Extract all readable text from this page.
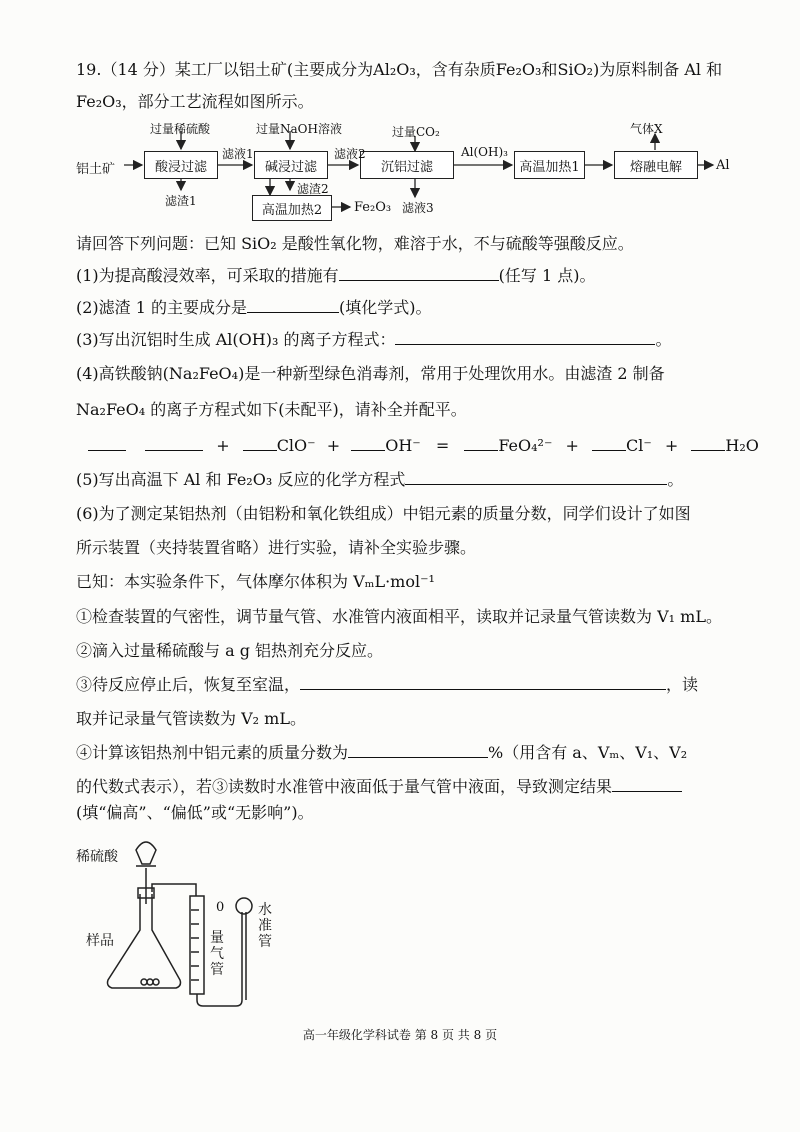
19.（14 分）某工厂以铝土矿(主要成分为Al₂O₃，含有杂质Fe₂O₃和SiO₂)为原料制备 Al 和
Fe₂O₃，部分工艺流程如图所示。
铝土矿	酸浸过滤	碱浸过滤	沉铝过滤	高温加热1	熔融电解
高温加热2
过量稀硫酸	过量NaOH溶液	过量CO₂	气体X
滤液1	滤液2	Al(OH)₃
Al
滤渣1
滤渣2
滤液3
Fe₂O₃
请回答下列问题：已知 SiO₂ 是酸性氧化物，难溶于水，不与硫酸等强酸反应。
(1)为提高酸浸效率，可采取的措施有	(任写 1 点)。
(2)滤渣 1 的主要成分是	(填化学式)。
(3)写出沉铝时生成 Al(OH)₃ 的离子方程式：	。
(4)高铁酸钠(Na₂FeO₄)是一种新型绿色消毒剂，常用于处理饮用水。由滤渣 2 制备
Na₂FeO₄ 的离子方程式如下(未配平)，请补全并配平。
+	ClO⁻ +	OH⁻ =	FeO₄²⁻ +	Cl⁻ +	H₂O
(5)写出高温下 Al 和 Fe₂O₃ 反应的化学方程式	。
(6)为了测定某铝热剂（由铝粉和氧化铁组成）中铝元素的质量分数，同学们设计了如图
所示装置（夹持装置省略）进行实验，请补全实验步骤。
已知：本实验条件下，气体摩尔体积为 VₘL·mol⁻¹
①检查装置的气密性，调节量气管、水准管内液面相平，读取并记录量气管读数为 V₁ mL。
②滴入过量稀硫酸与 a g 铝热剂充分反应。
③待反应停止后，恢复至室温，	，读
取并记录量气管读数为 V₂ mL。
④计算该铝热剂中铝元素的质量分数为	%（用含有 a、Vₘ、V₁、V₂
的代数式表示），若③读数时水准管中液面低于量气管中液面，导致测定结果
(填“偏高”、“偏低”或“无影响”)。
稀硫酸
样品
0
量气管
水准管
高一年级化学科试卷 第 8 页 共 8 页
